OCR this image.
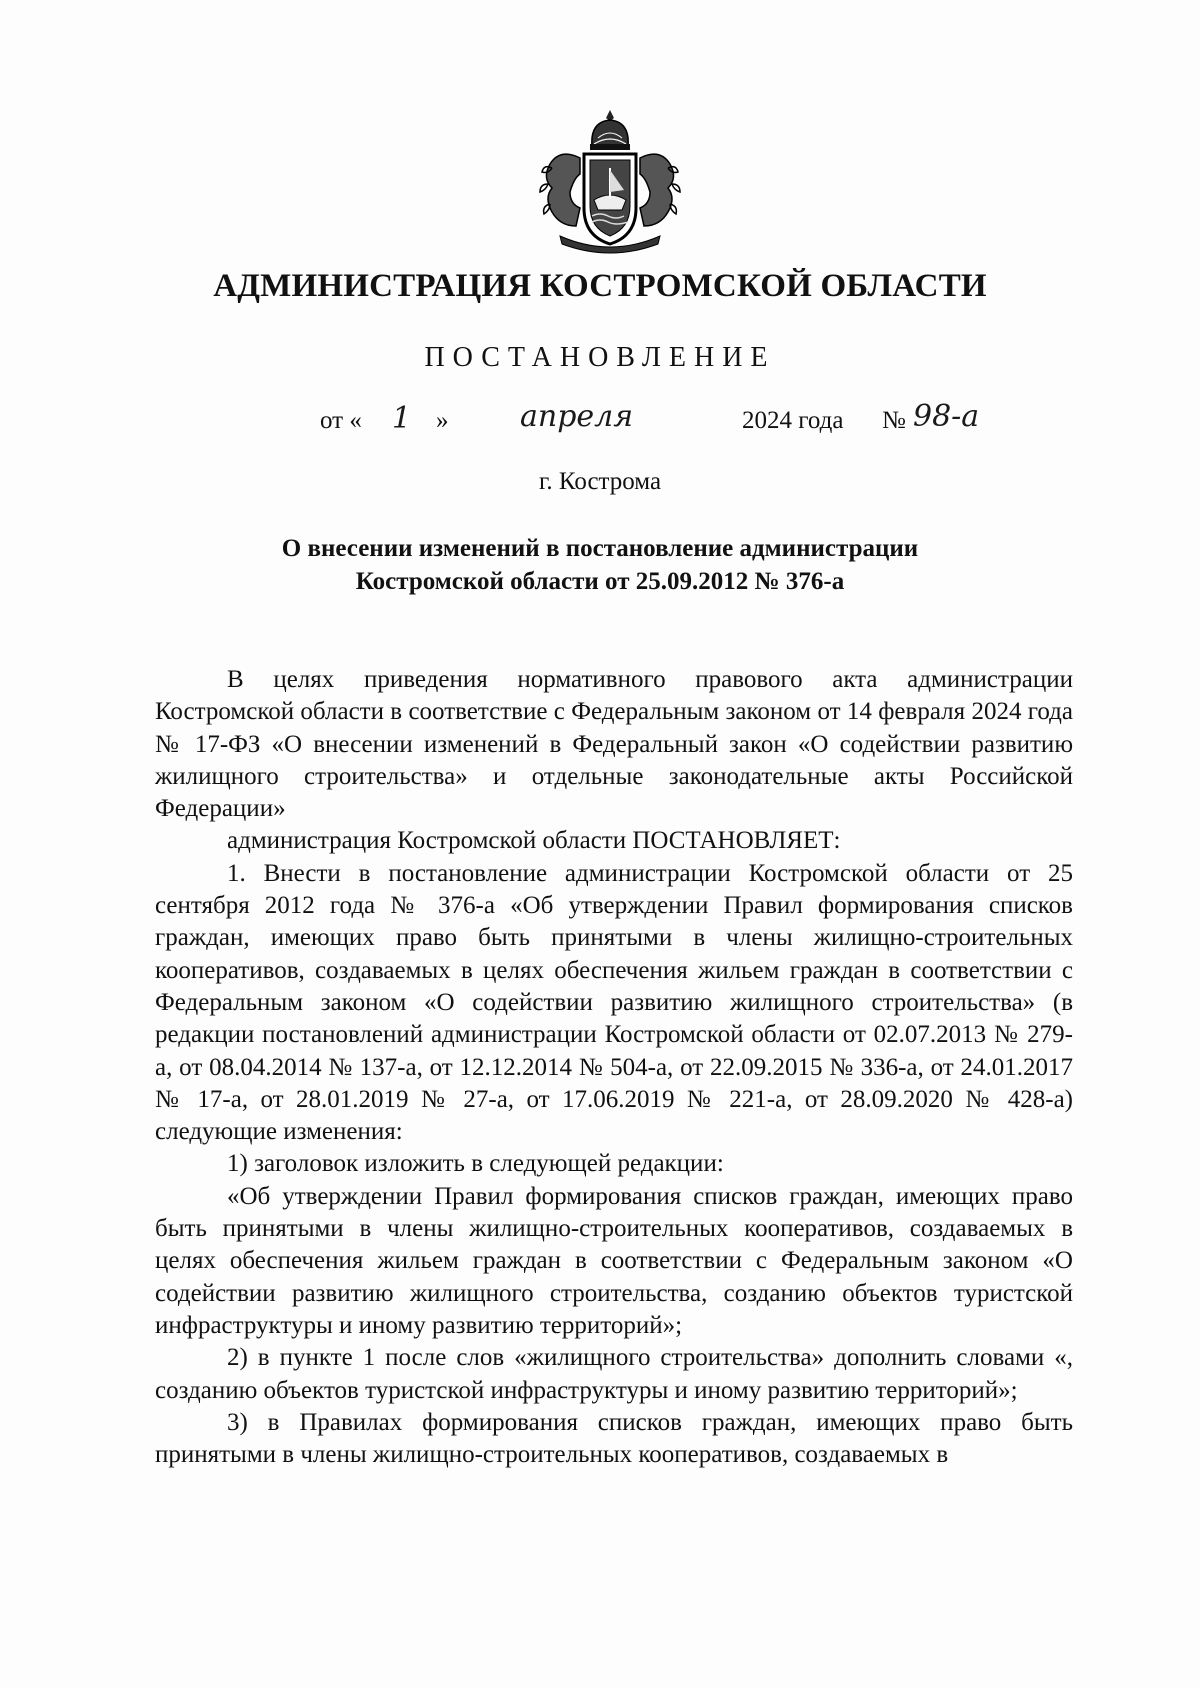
АДМИНИСТРАЦИЯ КОСТРОМСКОЙ ОБЛАСТИ
ПОСТАНОВЛЕНИЕ
от « 1 » апреля	2024 года № 98-а
г. Кострома
О внесении изменений в постановление администрации
Костромской области от 25.09.2012 № 376-а

В целях приведения нормативного правового акта администрации Костромской области в соответствие с Федеральным законом от 14 февраля 2024 года № 17-ФЗ «О внесении изменений в Федеральный закон «О содействии развитию жилищного строительства» и отдельные законодательные акты Российской Федерации»

администрация Костромской области ПОСТАНОВЛЯЕТ:

1. Внести в постановление администрации Костромской области от 25 сентября 2012 года № 376-а «Об утверждении Правил формирования списков граждан, имеющих право быть принятыми в члены жилищно-строительных кооперативов, создаваемых в целях обеспечения жильем граждан в соответствии с Федеральным законом «О содействии развитию жилищного строительства» (в редакции постановлений администрации Костромской области от 02.07.2013 № 279-а, от 08.04.2014 № 137-а, от 12.12.2014 № 504-а, от 22.09.2015 № 336-а, от 24.01.2017 № 17-а, от 28.01.2019 № 27-а, от 17.06.2019 № 221-а, от 28.09.2020 № 428-а) следующие изменения:

1) заголовок изложить в следующей редакции:

«Об утверждении Правил формирования списков граждан, имеющих право быть принятыми в члены жилищно-строительных кооперативов, создаваемых в целях обеспечения жильем граждан в соответствии с Федеральным законом «О содействии развитию жилищного строительства, созданию объектов туристской инфраструктуры и иному развитию территорий»;

2) в пункте 1 после слов «жилищного строительства» дополнить словами «, созданию объектов туристской инфраструктуры и иному развитию территорий»;

3) в Правилах формирования списков граждан, имеющих право быть принятыми в члены жилищно-строительных кооперативов, создаваемых в
